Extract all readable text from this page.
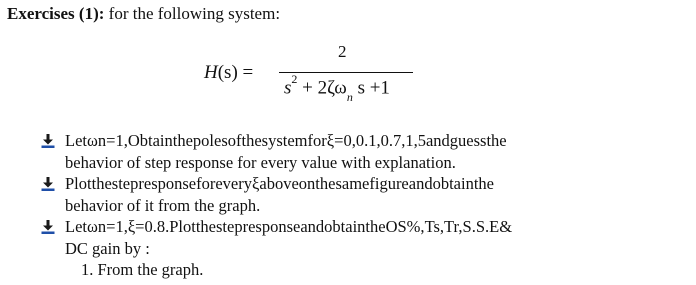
Exercises (1): for the following system:
H(s) =
2
$s^2 + 2\zeta\omega_n$ s +1
Letωn=1,Obtainthepolesofthesystemforξ=0,0.1,0.7,1,5andguessthe
behavior of step response for every value with explanation.
Plotthestepresponseforeveryξaboveonthesamefigureandobtainthe
behavior of it from the graph.
Letωn=1,ξ=0.8.PlotthestepresponseandobtaintheOS%,Ts,Tr,S.S.E&
DC gain by :
1. From the graph.
